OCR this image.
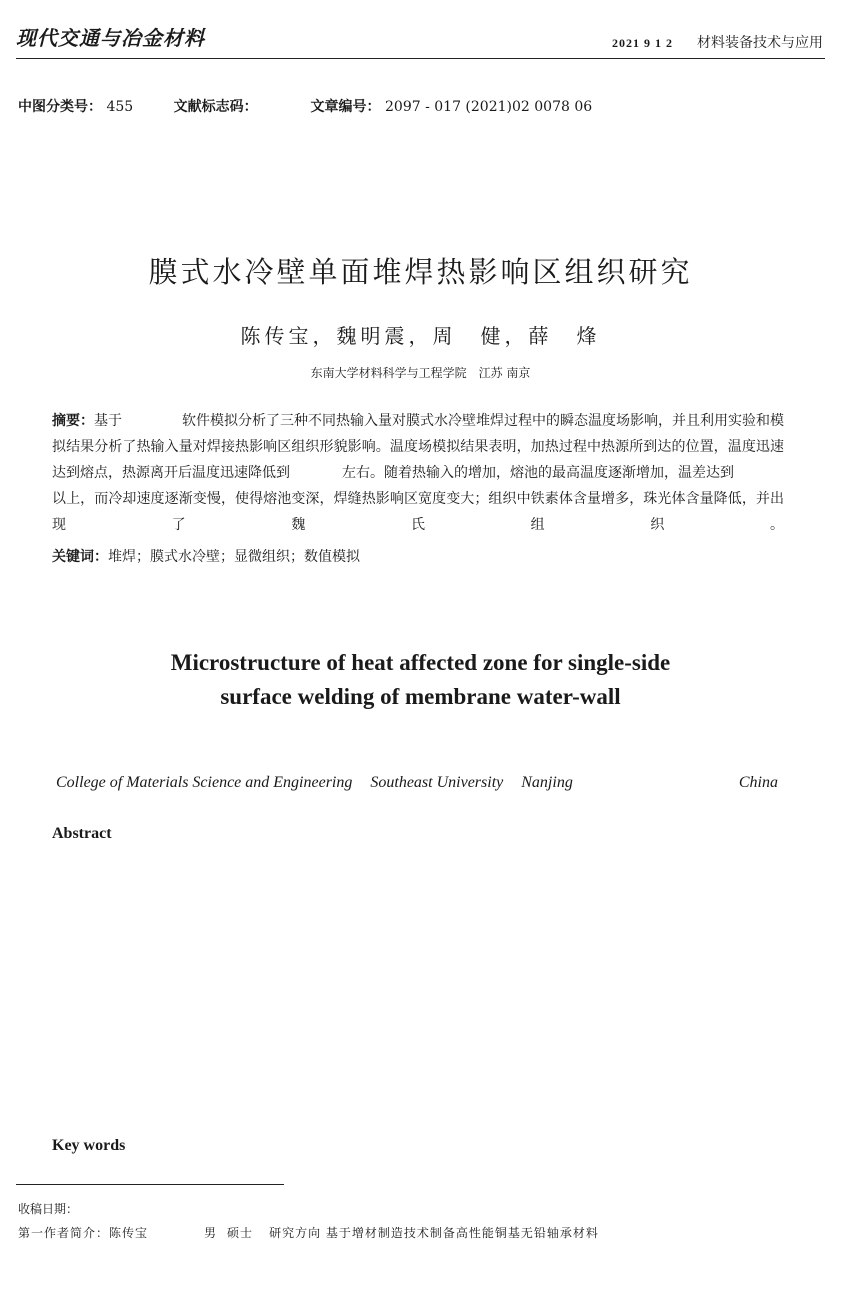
现代交通与冶金材料	2021 9 1 2 材料装备技术与应用
中图分类号： 455	文献标志码：	文章编号： 2097 - 017 (2021)02 0078 06
膜式水冷壁单面堆焊热影响区组织研究
陈传宝，魏明震，周　健，薛　烽
东南大学材料科学与工程学院　江苏 南京
摘要：基于	软件模拟分析了三种不同热输入量对膜式水冷壁堆焊过程中的瞬态温度场影响，并且利用实验和模拟结果分析了热输入量对焊接热影响区组织形貌影响。温度场模拟结果表明，加热过程中热源所到达的位置，温度迅速达到熔点，热源离开后温度迅速降低到	左右。随着热输入的增加，熔池的最高温度逐渐增加，温差达到以上，而冷却速度逐渐变慢，使得熔池变深，焊缝热影响区宽度变大；组织中铁素体含量增多，珠光体含量降低，并出现了魏氏组织。
关键词：堆焊；膜式水冷壁；显微组织；数值模拟
Microstructure of heat affected zone for single-side
surface welding of membrane water-wall
College of Materials Science and Engineering Southeast University Nanjing	China
Abstract
Key words
收稿日期：
第一作者简介：陈传宝	男 硕士 研究方向 基于增材制造技术制备高性能铜基无铅轴承材料
